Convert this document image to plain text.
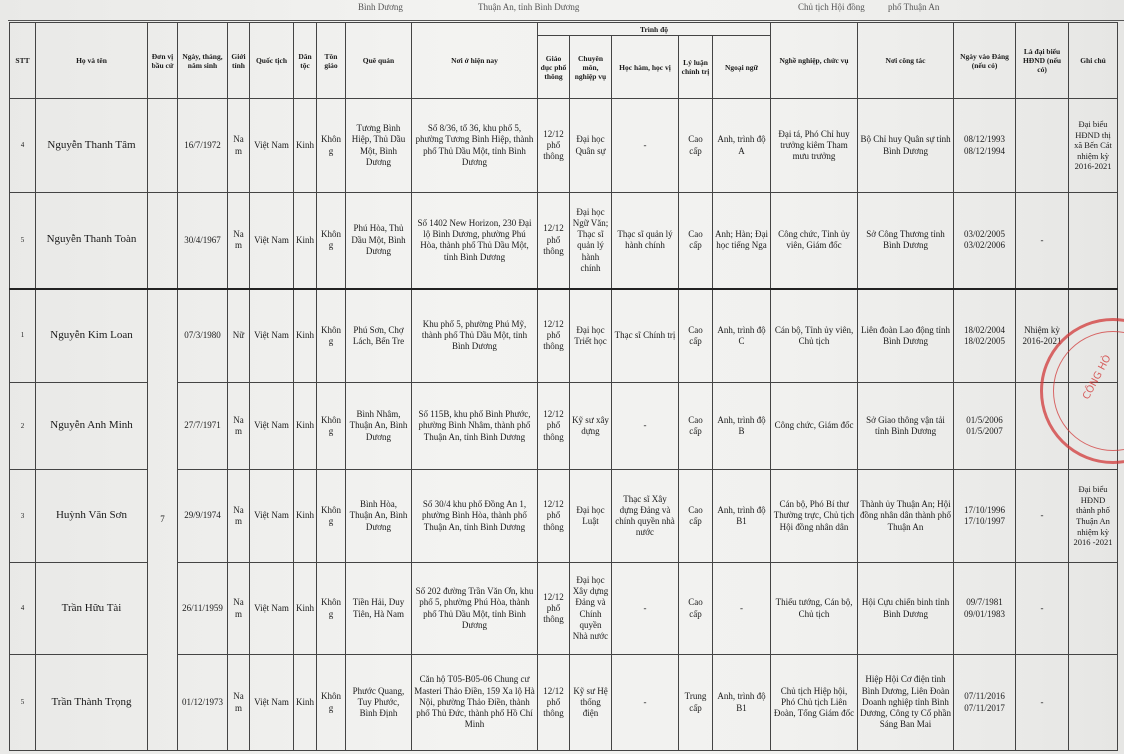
Bình Dương	Thuận An, tỉnh Bình Dương	Chủ tịch Hội đồng	phố Thuận An
STT	Họ và tên	Đơn vị bầu cử	Ngày, tháng, năm sinh	Giới tính	Quốc tịch	Dân tộc	Tôn giáo	Quê quán	Nơi ở hiện nay	Trình độ					Nghề nghiệp, chức vụ	Nơi công tác	Ngày vào Đảng (nếu có)	Là đại biểu HĐND (nếu có)	Ghi chú
										Giáo dục phổ thông	Chuyên môn, nghiệp vụ	Học hàm, học vị	Lý luận chính trị	Ngoại ngữ					
4	Nguyễn Thanh Tâm		16/7/1972	Nam	Việt Nam	Kinh	Không	Tương Bình Hiệp, Thủ Dầu Một, Bình Dương	Số 8/36, tổ 36, khu phố 5, phường Tương Bình Hiệp, thành phố Thủ Dầu Một, tỉnh Bình Dương	12/12 phổ thông	Đại học Quân sự	-	Cao cấp	Anh, trình độ A	Đại tá, Phó Chỉ huy trưởng kiêm Tham mưu trưởng	Bộ Chỉ huy Quân sự tỉnh Bình Dương	08/12/1993 08/12/1994		Đại biểu HĐND thị xã Bến Cát nhiệm kỳ 2016-2021
5	Nguyễn Thanh Toàn		30/4/1967	Nam	Việt Nam	Kinh	Không	Phú Hòa, Thủ Dầu Một, Bình Dương	Số 1402 New Horizon, 230 Đại lộ Bình Dương, phường Phú Hòa, thành phố Thủ Dầu Một, tỉnh Bình Dương	12/12 phổ thông	Đại học Ngữ Văn; Thạc sĩ quản lý hành chính	Thạc sĩ quản lý hành chính	Cao cấp	Anh; Hàn; Đại học tiếng Nga	Công chức, Tỉnh ủy viên, Giám đốc	Sở Công Thương tỉnh Bình Dương	03/02/2005 03/02/2006	-	
1	Nguyễn Kim Loan	7	07/3/1980	Nữ	Việt Nam	Kinh	Không	Phú Sơn, Chợ Lách, Bến Tre	Khu phố 5, phường Phú Mỹ, thành phố Thủ Dầu Một, tỉnh Bình Dương	12/12 phổ thông	Đại học Triết học	Thạc sĩ Chính trị	Cao cấp	Anh, trình độ C	Cán bộ, Tỉnh ủy viên, Chủ tịch	Liên đoàn Lao động tỉnh Bình Dương	18/02/2004 18/02/2005	Nhiệm kỳ 2016-2021	
2	Nguyễn Anh Minh		27/7/1971	Nam	Việt Nam	Kinh	Không	Bình Nhâm, Thuận An, Bình Dương	Số 115B, khu phố Bình Phước, phường Bình Nhâm, thành phố Thuận An, tỉnh Bình Dương	12/12 phổ thông	Kỹ sư xây dựng	-	Cao cấp	Anh, trình độ B	Công chức, Giám đốc	Sở Giao thông vận tải tỉnh Bình Dương	01/5/2006 01/5/2007		
3	Huỳnh Văn Sơn		29/9/1974	Nam	Việt Nam	Kinh	Không	Bình Hòa, Thuận An, Bình Dương	Số 30/4 khu phố Đồng An 1, phường Bình Hòa, thành phố Thuận An, tỉnh Bình Dương	12/12 phổ thông	Đại học Luật	Thạc sĩ Xây dựng Đảng và chính quyền nhà nước	Cao cấp	Anh, trình độ B1	Cán bộ, Phó Bí thư Thường trực, Chủ tịch Hội đồng nhân dân	Thành ủy Thuận An; Hội đồng nhân dân thành phố Thuận An	17/10/1996 17/10/1997	-	Đại biểu HĐND thành phố Thuận An nhiệm kỳ 2016 -2021
4	Trần Hữu Tài		26/11/1959	Nam	Việt Nam	Kinh	Không	Tiền Hải, Duy Tiên, Hà Nam	Số 202 đường Trần Văn Ơn, khu phố 5, phường Phú Hòa, thành phố Thủ Dầu Một, tỉnh Bình Dương	12/12 phổ thông	Đại học Xây dựng Đảng và Chính quyền Nhà nước	-	Cao cấp	-	Thiếu tướng, Cán bộ, Chủ tịch	Hội Cựu chiến binh tỉnh Bình Dương	09/7/1981 09/01/1983	-	
5	Trần Thành Trọng		01/12/1973	Nam	Việt Nam	Kinh	Không	Phước Quang, Tuy Phước, Bình Định	Căn hộ T05-B05-06 Chung cư Masteri Thảo Điền, 159 Xa lộ Hà Nội, phường Thảo Điền, thành phố Thủ Đức, thành phố Hồ Chí Minh	12/12 phổ thông	Kỹ sư Hệ thống điện	-	Trung cấp	Anh, trình độ B1	Chủ tịch Hiệp hội, Phó Chủ tịch Liên Đoàn, Tổng Giám đốc	Hiệp Hội Cơ điện tỉnh Bình Dương, Liên Đoàn Doanh nghiệp tỉnh Bình Dương, Công ty Cổ phần Sáng Ban Mai	07/11/2016 07/11/2017	-	
CÔNG HÒ
